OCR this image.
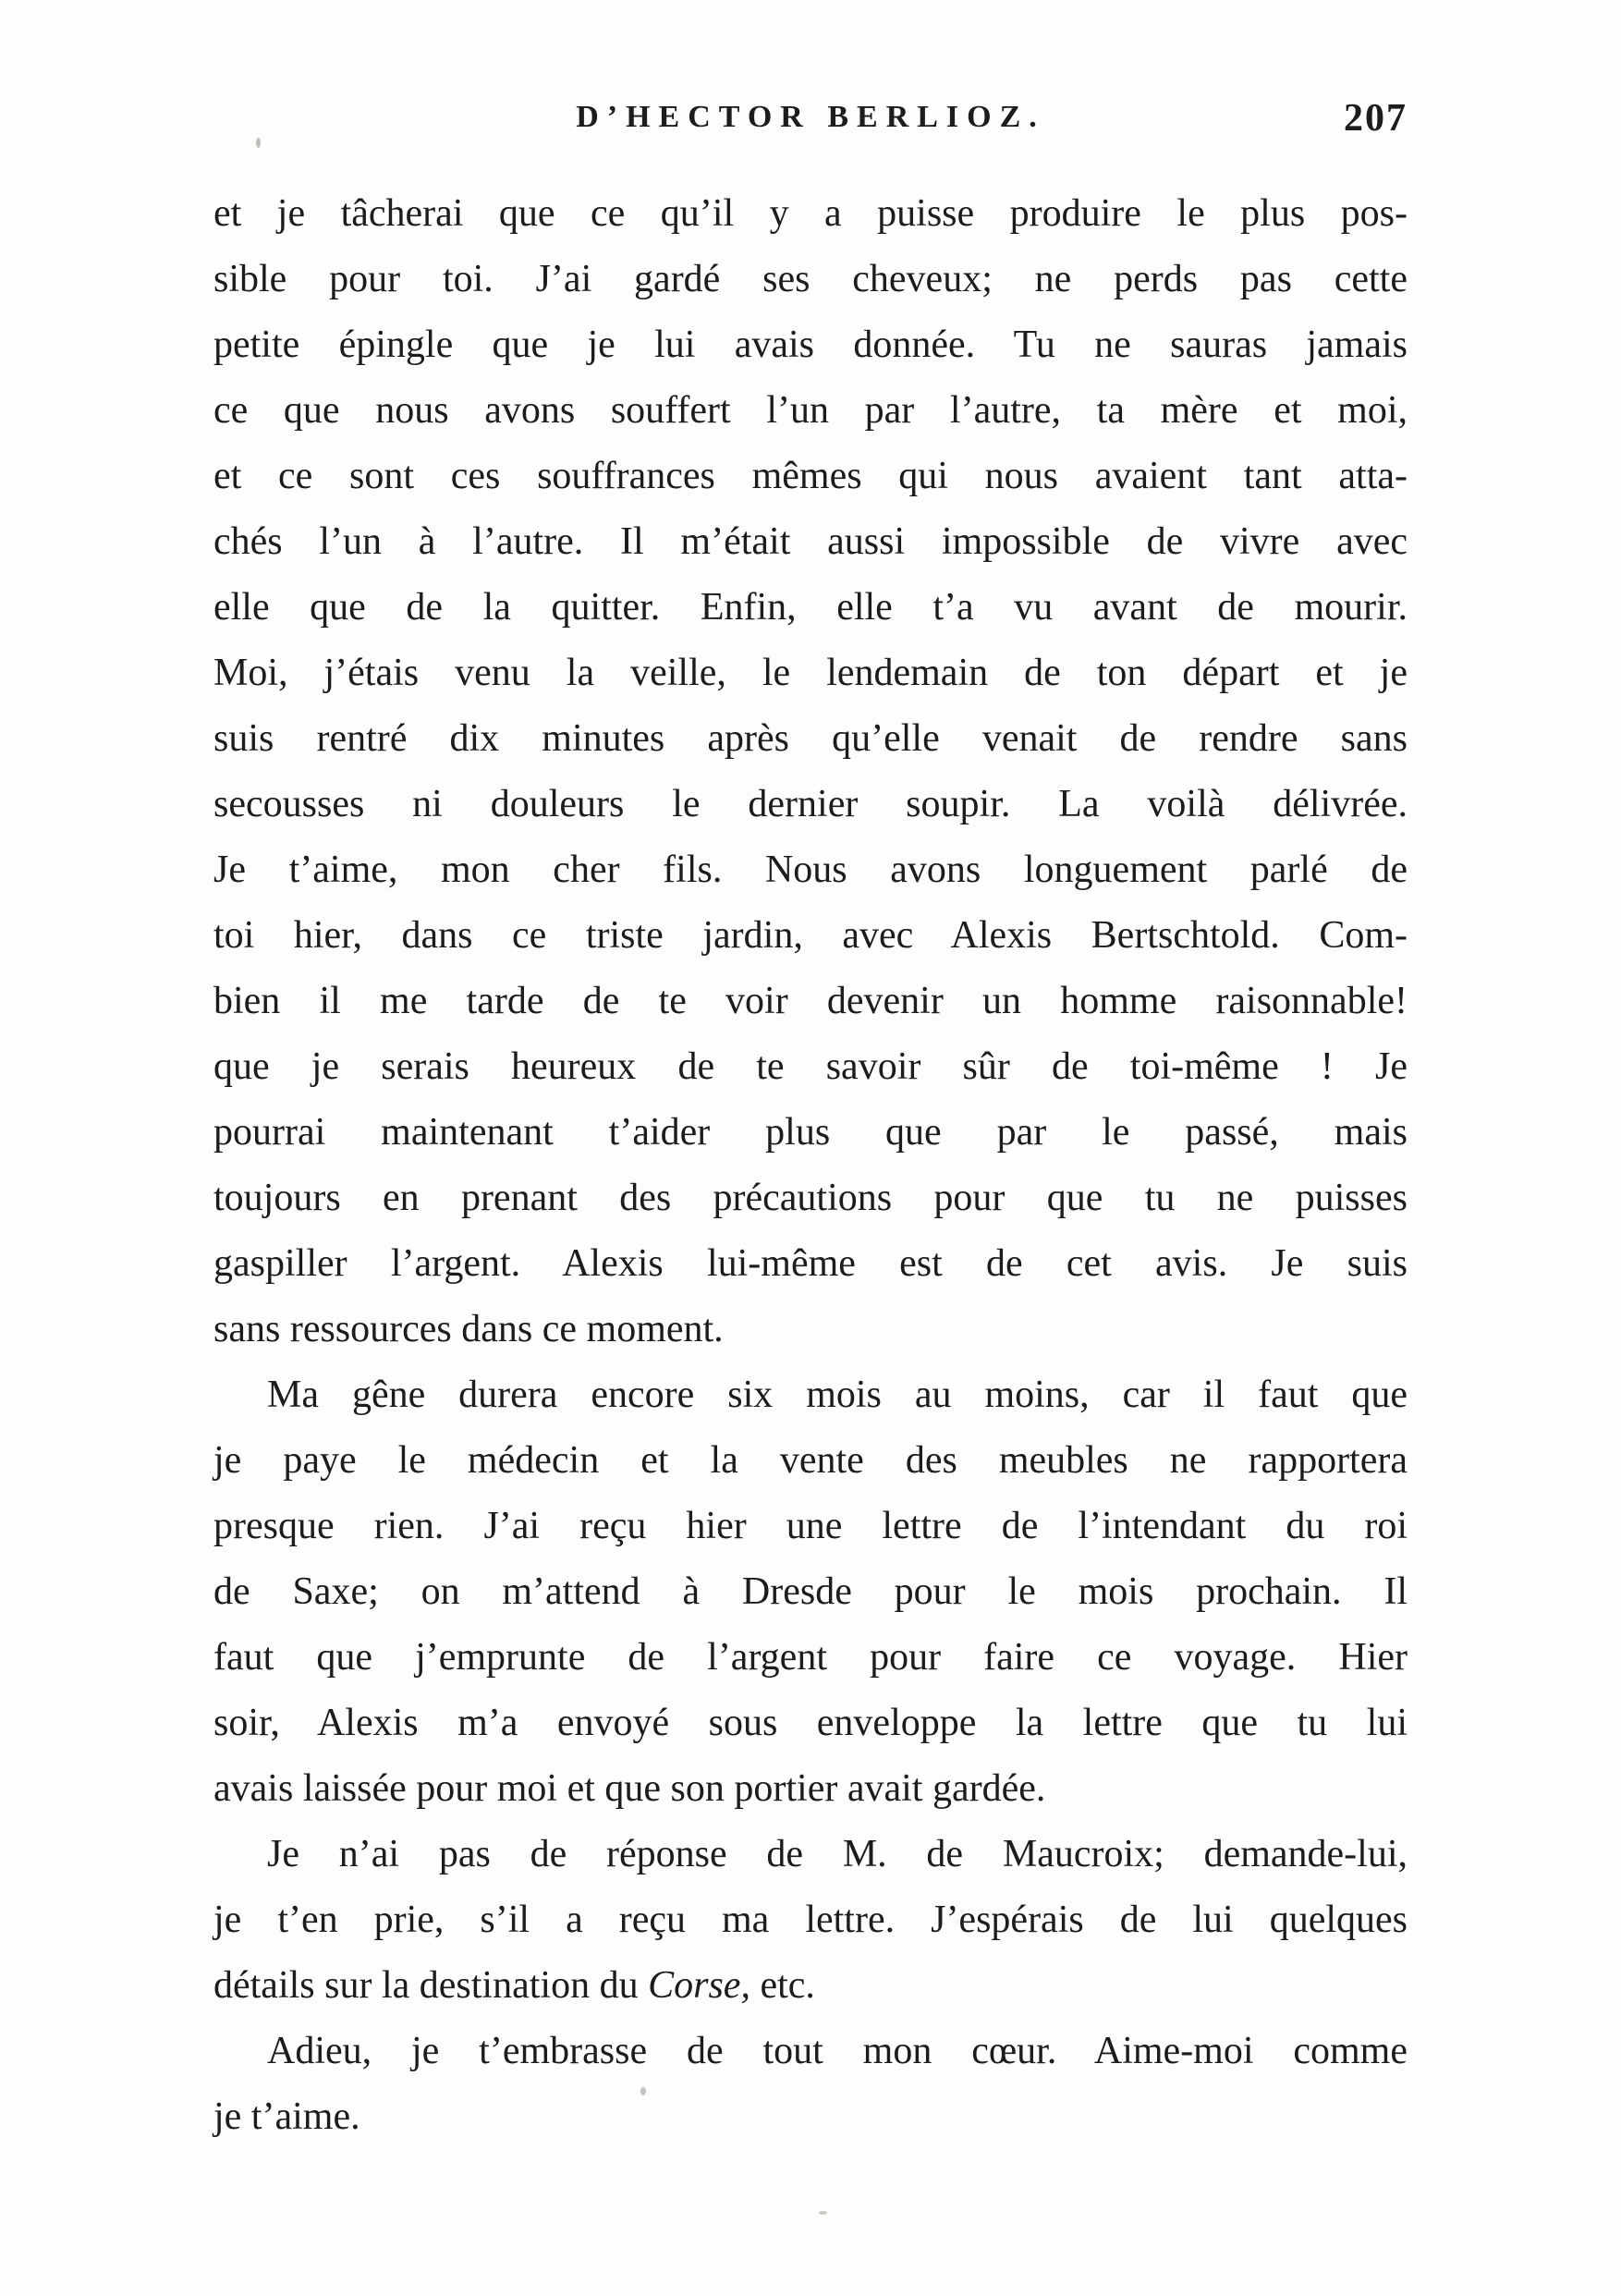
D’HECTOR BERLIOZ.	207
et je tâcherai que ce qu’il y a puisse produire le plus pos-
sible pour toi. J’ai gardé ses cheveux; ne perds pas cette
petite épingle que je lui avais donnée. Tu ne sauras jamais
ce que nous avons souffert l’un par l’autre, ta mère et moi,
et ce sont ces souffrances mêmes qui nous avaient tant atta-
chés l’un à l’autre. Il m’était aussi impossible de vivre avec
elle que de la quitter. Enfin, elle t’a vu avant de mourir.
Moi, j’étais venu la veille, le lendemain de ton départ et je
suis rentré dix minutes après qu’elle venait de rendre sans
secousses ni douleurs le dernier soupir. La voilà délivrée.
Je t’aime, mon cher fils. Nous avons longuement parlé de
toi hier, dans ce triste jardin, avec Alexis Bertschtold. Com-
bien il me tarde de te voir devenir un homme raisonnable!
que je serais heureux de te savoir sûr de toi-même ! Je
pourrai maintenant t’aider plus que par le passé, mais
toujours en prenant des précautions pour que tu ne puisses
gaspiller l’argent. Alexis lui-même est de cet avis. Je suis
sans ressources dans ce moment.
Ma gêne durera encore six mois au moins, car il faut que
je paye le médecin et la vente des meubles ne rapportera
presque rien. J’ai reçu hier une lettre de l’intendant du roi
de Saxe; on m’attend à Dresde pour le mois prochain. Il
faut que j’emprunte de l’argent pour faire ce voyage. Hier
soir, Alexis m’a envoyé sous enveloppe la lettre que tu lui
avais laissée pour moi et que son portier avait gardée.
Je n’ai pas de réponse de M. de Maucroix; demande-lui,
je t’en prie, s’il a reçu ma lettre. J’espérais de lui quelques
détails sur la destination du Corse, etc.
Adieu, je t’embrasse de tout mon cœur. Aime-moi comme
je t’aime.
